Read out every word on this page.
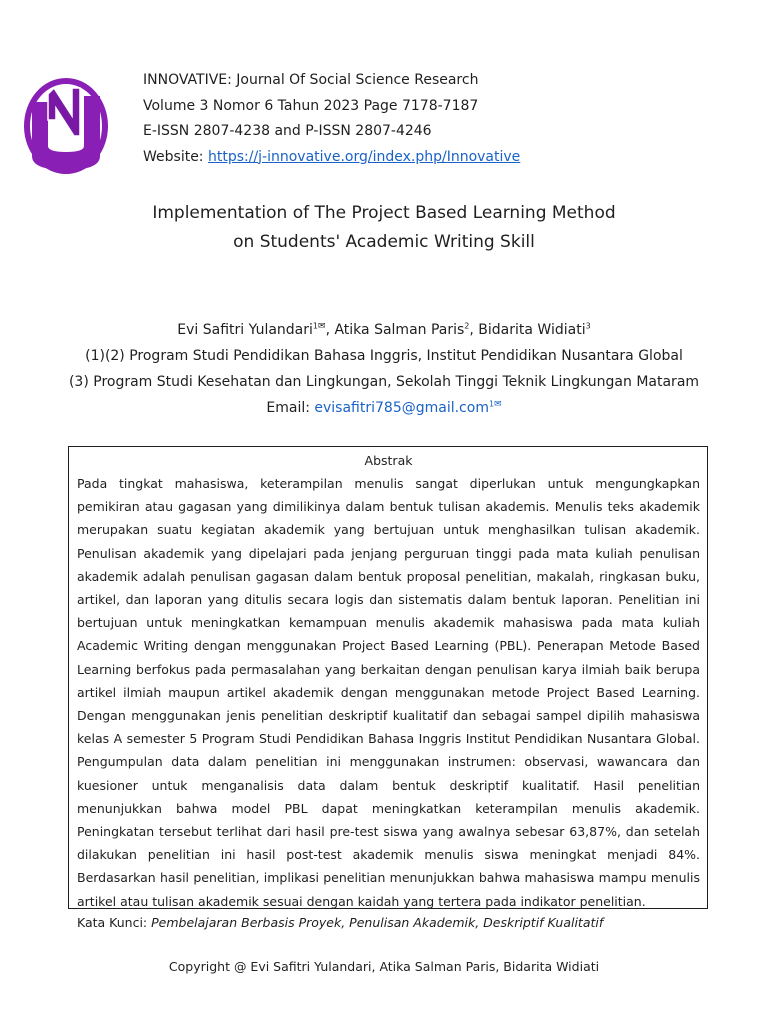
INNOVATIVE: Journal Of Social Science Research
Volume 3 Nomor 6 Tahun 2023 Page 7178-7187
E-ISSN 2807-4238 and P-ISSN 2807-4246
Website: https://j-innovative.org/index.php/Innovative
Implementation of The Project Based Learning Method
on Students' Academic Writing Skill
Evi Safitri Yulandari$^{1✉}$, Atika Salman Paris$^2$, Bidarita Widiati$^3$
(1)(2) Program Studi Pendidikan Bahasa Inggris, Institut Pendidikan Nusantara Global
(3) Program Studi Kesehatan dan Lingkungan, Sekolah Tinggi Teknik Lingkungan Mataram
Email: evisafitri785@gmail.com$^{1✉}$
Abstrak

Pada tingkat mahasiswa, keterampilan menulis sangat diperlukan untuk mengungkapkan pemikiran atau gagasan yang dimilikinya dalam bentuk tulisan akademis. Menulis teks akademik merupakan suatu kegiatan akademik yang bertujuan untuk menghasilkan tulisan akademik. Penulisan akademik yang dipelajari pada jenjang perguruan tinggi pada mata kuliah penulisan akademik adalah penulisan gagasan dalam bentuk proposal penelitian, makalah, ringkasan buku, artikel, dan laporan yang ditulis secara logis dan sistematis dalam bentuk laporan. Penelitian ini bertujuan untuk meningkatkan kemampuan menulis akademik mahasiswa pada mata kuliah Academic Writing dengan menggunakan Project Based Learning (PBL). Penerapan Metode Based Learning berfokus pada permasalahan yang berkaitan dengan penulisan karya ilmiah baik berupa artikel ilmiah maupun artikel akademik dengan menggunakan metode Project Based Learning. Dengan menggunakan jenis penelitian deskriptif kualitatif dan sebagai sampel dipilih mahasiswa kelas A semester 5 Program Studi Pendidikan Bahasa Inggris Institut Pendidikan Nusantara Global. Pengumpulan data dalam penelitian ini menggunakan instrumen: observasi, wawancara dan kuesioner untuk menganalisis data dalam bentuk deskriptif kualitatif. Hasil penelitian menunjukkan bahwa model PBL dapat meningkatkan keterampilan menulis akademik. Peningkatan tersebut terlihat dari hasil pre-test siswa yang awalnya sebesar 63,87%, dan setelah dilakukan penelitian ini hasil post-test akademik menulis siswa meningkat menjadi 84%. Berdasarkan hasil penelitian, implikasi penelitian menunjukkan bahwa mahasiswa mampu menulis artikel atau tulisan akademik sesuai dengan kaidah yang tertera pada indikator penelitian.

Kata Kunci: Pembelajaran Berbasis Proyek, Penulisan Akademik, Deskriptif Kualitatif
Copyright @ Evi Safitri Yulandari, Atika Salman Paris, Bidarita Widiati
